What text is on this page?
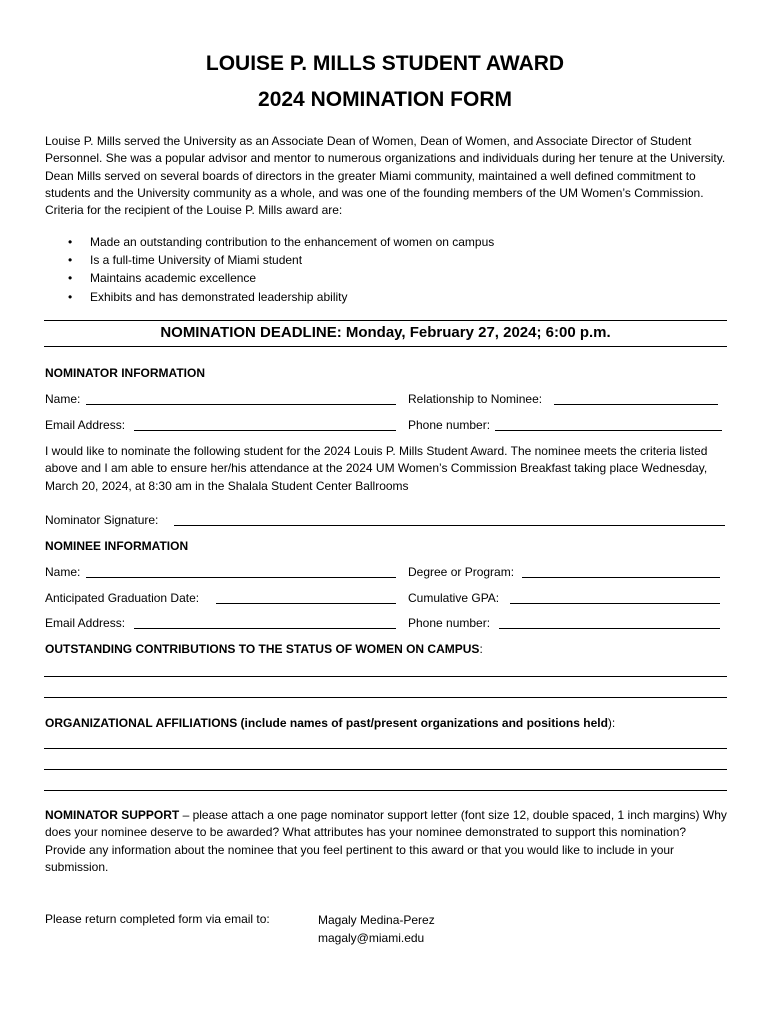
LOUISE P. MILLS STUDENT AWARD
2024 NOMINATION FORM
Louise P. Mills served the University as an Associate Dean of Women, Dean of Women, and Associate Director of Student Personnel. She was a popular advisor and mentor to numerous organizations and individuals during her tenure at the University. Dean Mills served on several boards of directors in the greater Miami community, maintained a well defined commitment to students and the University community as a whole, and was one of the founding members of the UM Women’s Commission. Criteria for the recipient of the Louise P. Mills award are:
• Made an outstanding contribution to the enhancement of women on campus
• Is a full-time University of Miami student
• Maintains academic excellence
• Exhibits and has demonstrated leadership ability
NOMINATION DEADLINE: Monday, February 27, 2024; 6:00 p.m.
NOMINATOR INFORMATION
Name:	Relationship to Nominee:
Email Address:	Phone number:
I would like to nominate the following student for the 2024 Louis P. Mills Student Award. The nominee meets the criteria listed above and I am able to ensure her/his attendance at the 2024 UM Women’s Commission Breakfast taking place Wednesday, March 20, 2024, at 8:30 am in the Shalala Student Center Ballrooms
Nominator Signature:
NOMINEE INFORMATION
Name:	Degree or Program:
Anticipated Graduation Date:	Cumulative GPA:
Email Address:	Phone number:
OUTSTANDING CONTRIBUTIONS TO THE STATUS OF WOMEN ON CAMPUS:
ORGANIZATIONAL AFFILIATIONS (include names of past/present organizations and positions held):
NOMINATOR SUPPORT – please attach a one page nominator support letter (font size 12, double spaced, 1 inch margins) Why does your nominee deserve to be awarded? What attributes has your nominee demonstrated to support this nomination? Provide any information about the nominee that you feel pertinent to this award or that you would like to include in your submission.
Please return completed form via email to:	Magaly Medina-Perez
magaly@miami.edu
